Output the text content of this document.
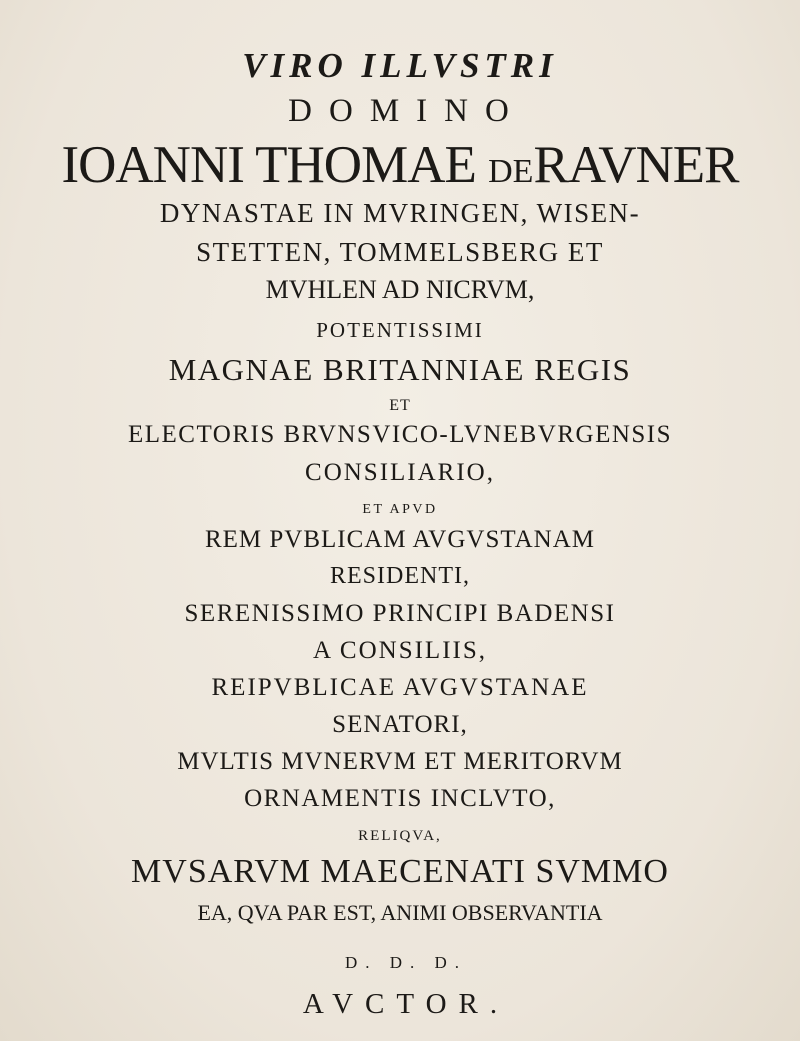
VIRO ILLVSTRI
DOMINO
IOANNI THOMAE DERAVNER
DYNASTAE IN MVRINGEN, WISEN-
STETTEN, TOMMELSBERG ET
MVHLEN AD NICRVM,
POTENTISSIMI
MAGNAE BRITANNIAE REGIS
ET
ELECTORIS BRVNSVICO-LVNEBVRGENSIS
CONSILIARIO,
ET APVD
REM PVBLICAM AVGVSTANAM
RESIDENTI,
SERENISSIMO PRINCIPI BADENSI
A CONSILIIS,
REIPVBLICAE AVGVSTANAE
SENATORI,
MVLTIS MVNERVM ET MERITORVM
ORNAMENTIS INCLVTO,
RELIQVA,
MVSARVM MAECENATI SVMMO
EA, QVA PAR EST, ANIMI OBSERVANTIA
D. D. D.
AVCTOR.
